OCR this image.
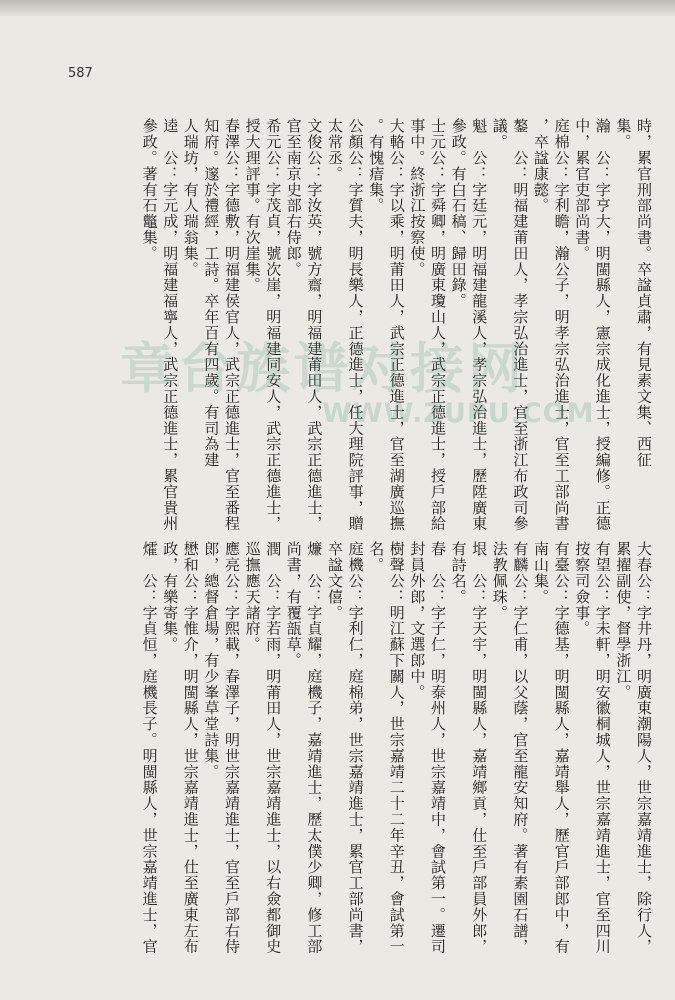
587

時，累官刑部尚書。卒諡貞肅，有見素文集、西征

集。

瀚　公：字亨大，明閩縣人，憲宗成化進士，授編修。正德

中，累官吏部尚書。

庭棉公：字利瞻，瀚公子，明孝宗弘治進士，官至工部尚書

，卒諡康懿。

鏊　公：明福建莆田人，孝宗弘治進士，官至浙江布政司參

議。

魁　公：字廷元，明福建龍溪人，孝宗弘治進士，歷陞廣東

參政。有白石稿、歸田錄。

士元公：字舜卿，明廣東瓊山人，武宗正德進士，授戶部給

事中。終浙江按察使。

大輅公：字以乘，明莆田人，武宗正德進士，官至湖廣巡撫

。有愧瘖集。

公顏公：字質夫，明長樂人，正德進士，任大理院評事，贈

太常丞。

文俊公：字汝英，號方齋，明福建莆田人，武宗正德進士，

官至南京史部右侍郎。

希元公：字茂貞，號次崖，明福建同安人，武宗正德進士，

授大理評事。有次崖集。

春澤公：字德敷，明福建侯官人，武宗正德進士，官至番程

知府。邃於禮經，工詩。卒年百有四歲。有司為建

人瑞坊，有人瑞翁集。

逵　公：字元成，明福建福寧人，武宗正德進士，累官貴州

參政。著有石鼈集。

大春公：字井丹，明廣東潮陽人，世宗嘉靖進士，除行人，

累擢副使，督學浙江。

有望公：字未軒，明安徽桐城人，世宗嘉靖進士，官至四川

按察司僉事。

有臺公：字德基，明閩縣人，嘉靖舉人，歷官戶部郎中，有

南山集。

有麟公：字仁甫，以父蔭，官至龍安知府。著有素園石譜，

法教佩珠。

垠　公：字天宇，明閩縣人，嘉靖鄉貢，仕至戶部員外郎，

有詩名。

春　公：字子仁，明泰州人，世宗嘉靖中，會試第一。遷司

封員外郎，文選郎中。

樹聲公：明江蘇下關人，世宗嘉靖二十二年辛丑，會試第一

名。

庭機公：字利仁，庭棉弟，世宗嘉靖進士，累官工部尚書，

卒諡文僖。

燫　公：字貞耀，庭機子，嘉靖進士，歷太僕少卿，修工部

尚書，有覆瓿草。

潤　公：字若雨，明莆田人，世宗嘉靖進士，以右僉都御史

巡撫應天諸府。

應亮公：字熙載，春澤子，明世宗嘉靖進士，官至戶部右侍

郎，總督倉場，有少峯草堂詩集。

懋和公：字惟介，明閩縣人，世宗嘉靖進士，仕至廣東左布

政，有樂寄集。

㸌　公：字貞恒，庭機長子。明閩縣人，世宗嘉靖進士，官

章台族谱对接网
WWW.ZUPU.COM
